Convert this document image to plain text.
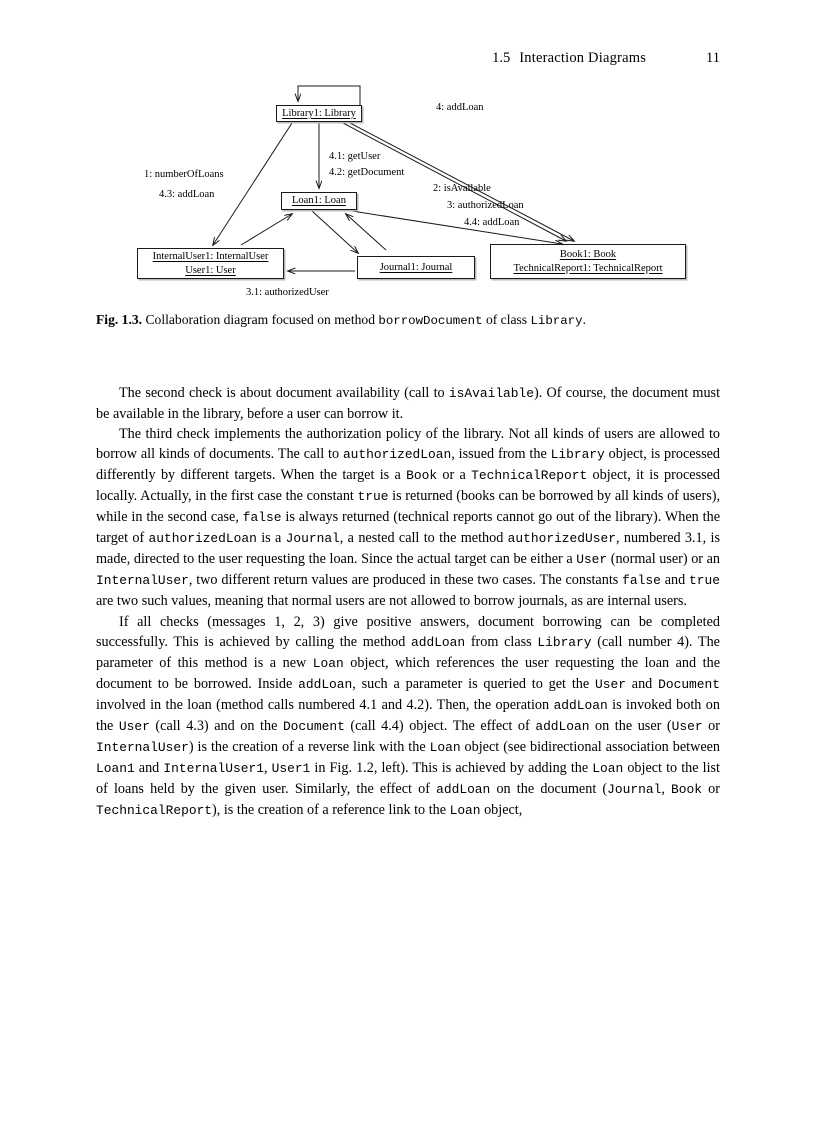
1.5 Interaction Diagrams	11
Library1: Library
Loan1: Loan
InternalUser1: InternalUser
User1: User	Journal1: Journal
Book1: Book
TechnicalReport1: TechnicalReport
4: addLoan
4.1: getUser
4.2: getDocument
1: numberOfLoans
4.3: addLoan
2: isAvailable
3: authorizedLoan
4.4: addLoan
3.1: authorizedUser
Fig. 1.3. Collaboration diagram focused on method borrowDocument of class Library.

The second check is about document availability (call to isAvailable). Of course, the document must be available in the library, before a user can borrow it.

The third check implements the authorization policy of the library. Not all kinds of users are allowed to borrow all kinds of documents. The call to authorizedLoan, issued from the Library object, is processed differently by different targets. When the target is a Book or a TechnicalReport object, it is processed locally. Actually, in the first case the constant true is returned (books can be borrowed by all kinds of users), while in the second case, false is always returned (technical reports cannot go out of the library). When the target of authorizedLoan is a Journal, a nested call to the method authorizedUser, numbered 3.1, is made, directed to the user requesting the loan. Since the actual target can be either a User (normal user) or an InternalUser, two different return values are produced in these two cases. The constants false and true are two such values, meaning that normal users are not allowed to borrow journals, as are internal users.

If all checks (messages 1, 2, 3) give positive answers, document borrowing can be completed successfully. This is achieved by calling the method addLoan from class Library (call number 4). The parameter of this method is a new Loan object, which references the user requesting the loan and the document to be borrowed. Inside addLoan, such a parameter is queried to get the User and Document involved in the loan (method calls numbered 4.1 and 4.2). Then, the operation addLoan is invoked both on the User (call 4.3) and on the Document (call 4.4) object. The effect of addLoan on the user (User or InternalUser) is the creation of a reverse link with the Loan object (see bidirectional association between Loan1 and InternalUser1, User1 in Fig. 1.2, left). This is achieved by adding the Loan object to the list of loans held by the given user. Similarly, the effect of addLoan on the document (Journal, Book or TechnicalReport), is the creation of a reference link to the Loan object,
